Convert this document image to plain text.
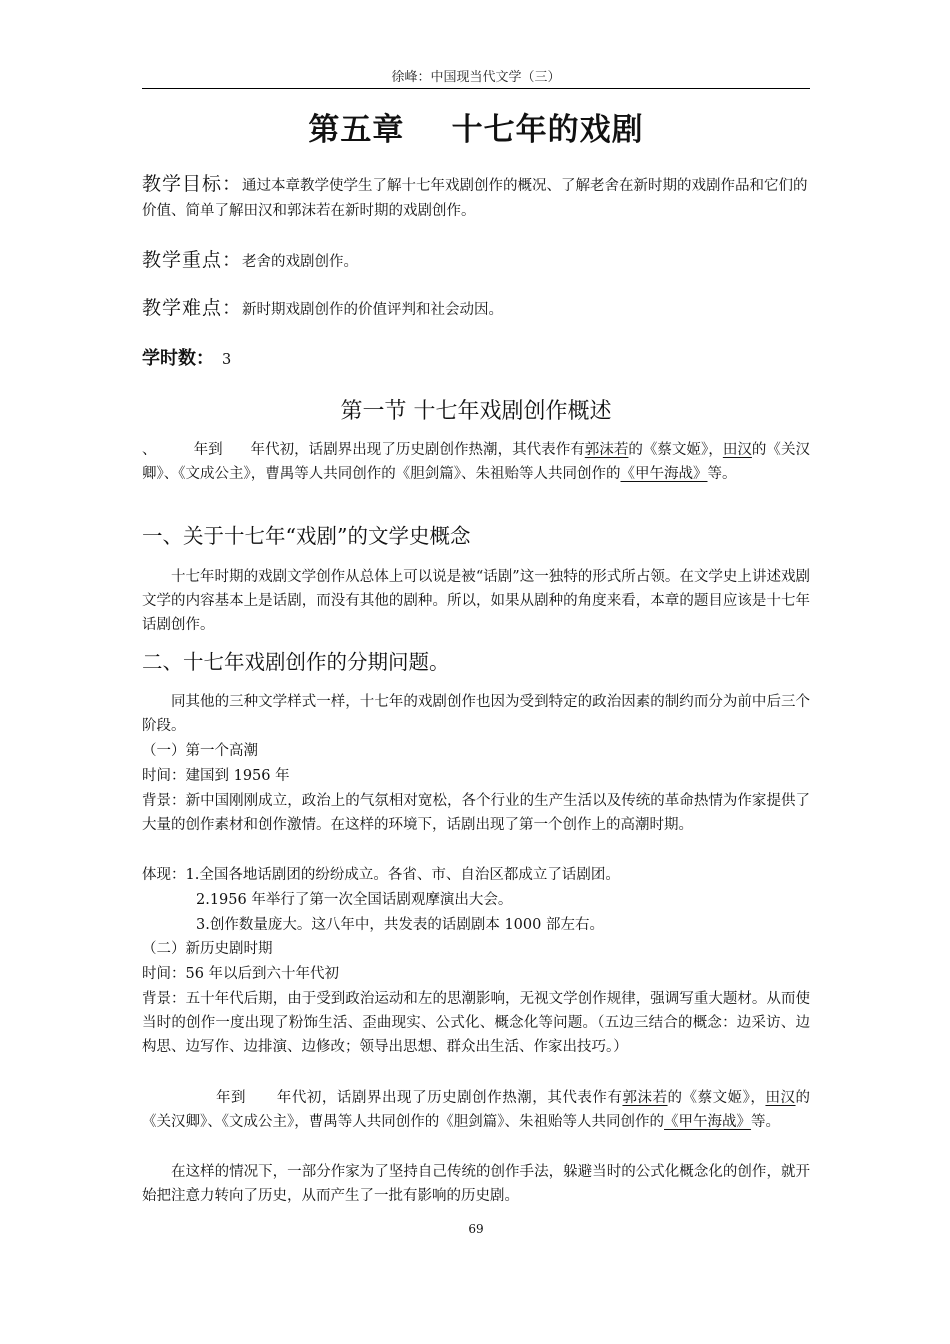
徐峰：中国现当代文学（三）
第五章    十七年的戏剧
教学目标：通过本章教学使学生了解十七年戏剧创作的概况、了解老舍在新时期的戏剧作品和它们的价值、简单了解田汉和郭沫若在新时期的戏剧创作。
教学重点：老舍的戏剧创作。
教学难点：新时期戏剧创作的价值评判和社会动因。
学时数： 3
第一节 十七年戏剧创作概述
、        年到      年代初，话剧界出现了历史剧创作热潮，其代表作有郭沫若的《蔡文姬》，田汉的《关汉卿》、《文成公主》，曹禺等人共同创作的《胆剑篇》、朱祖贻等人共同创作的《甲午海战》等。
一、关于十七年“戏剧”的文学史概念
十七年时期的戏剧文学创作从总体上可以说是被“话剧”这一独特的形式所占领。在文学史上讲述戏剧文学的内容基本上是话剧，而没有其他的剧种。所以，如果从剧种的角度来看，本章的题目应该是十七年话剧创作。
二、十七年戏剧创作的分期问题。
同其他的三种文学样式一样，十七年的戏剧创作也因为受到特定的政治因素的制约而分为前中后三个阶段。
（一）第一个高潮
时间：建国到 1956 年
背景：新中国刚刚成立，政治上的气氛相对宽松，各个行业的生产生活以及传统的革命热情为作家提供了大量的创作素材和创作激情。在这样的环境下，话剧出现了第一个创作上的高潮时期。
体现：1.全国各地话剧团的纷纷成立。各省、市、自治区都成立了话剧团。
2.1956 年举行了第一次全国话剧观摩演出大会。
3.创作数量庞大。这八年中，共发表的话剧剧本 1000 部左右。
（二）新历史剧时期
时间：56 年以后到六十年代初
背景：五十年代后期，由于受到政治运动和左的思潮影响，无视文学创作规律，强调写重大题材。从而使当时的创作一度出现了粉饰生活、歪曲现实、公式化、概念化等问题。（五边三结合的概念：边采访、边构思、边写作、边排演、边修改；领导出思想、群众出生活、作家出技巧。）
年到      年代初，话剧界出现了历史剧创作热潮，其代表作有郭沫若的《蔡文姬》，田汉的《关汉卿》、《文成公主》，曹禺等人共同创作的《胆剑篇》、朱祖贻等人共同创作的《甲午海战》等。
在这样的情况下，一部分作家为了坚持自己传统的创作手法，躲避当时的公式化概念化的创作，就开始把注意力转向了历史，从而产生了一批有影响的历史剧。
69
